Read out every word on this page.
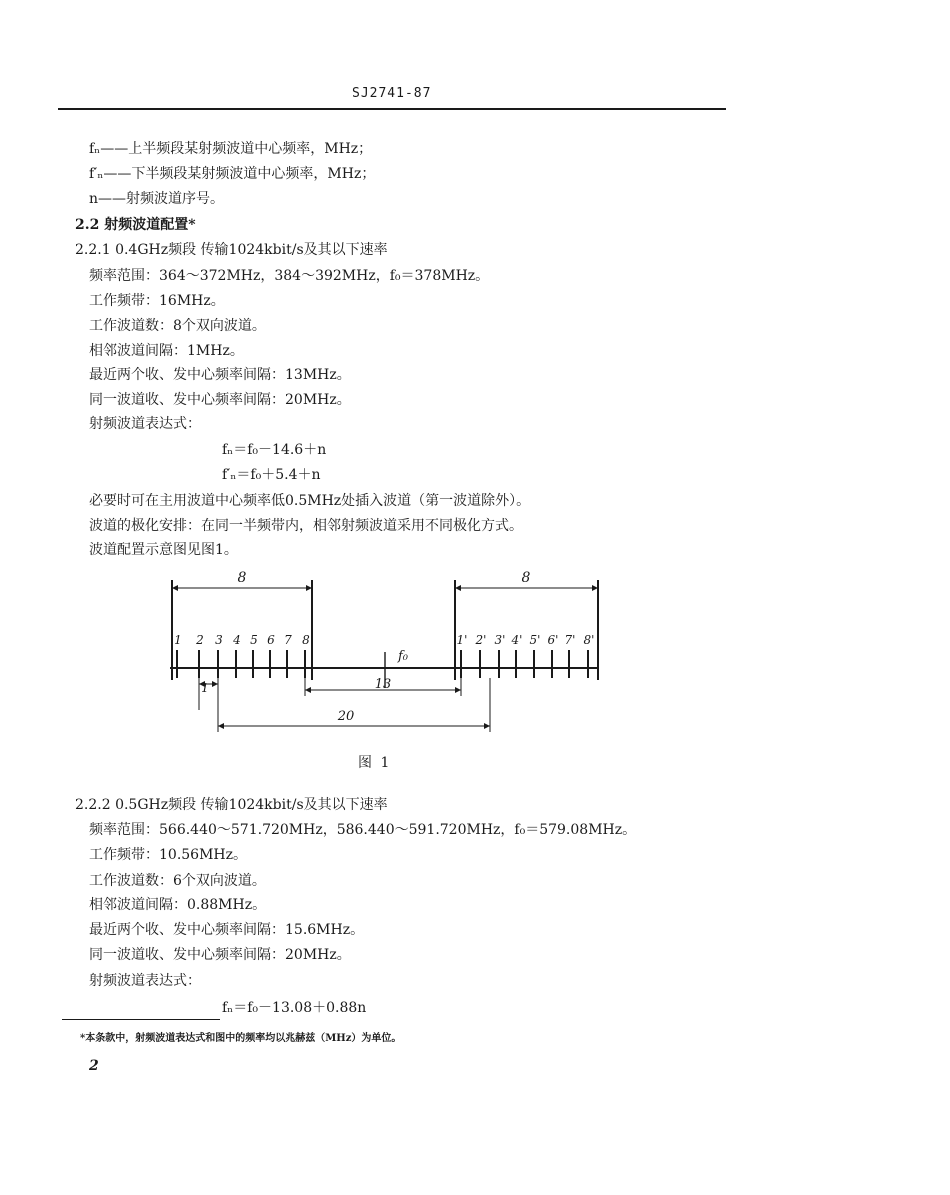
SJ2741-87
fₙ——上半频段某射频波道中心频率，MHz；
f′ₙ——下半频段某射频波道中心频率，MHz；
n——射频波道序号。
2.2 射频波道配置*
2.2.1 0.4GHz频段 传输1024kbit/s及其以下速率
频率范围：364～372MHz，384～392MHz，f₀＝378MHz。
工作频带：16MHz。
工作波道数：8个双向波道。
相邻波道间隔：1MHz。
最近两个收、发中心频率间隔：13MHz。
同一波道收、发中心频率间隔：20MHz。
射频波道表达式：
fₙ＝f₀－14.6＋n
f′ₙ＝f₀＋5.4＋n
必要时可在主用波道中心频率低0.5MHz处插入波道（第一波道除外）。
波道的极化安排：在同一半频带内，相邻射频波道采用不同极化方式。
波道配置示意图见图1。
8	8
1 2 3 4 5 6 7 8	1' 2' 3' 4' 5' 6' 7' 8'
f₀
1	13
20
图 1
2.2.2 0.5GHz频段 传输1024kbit/s及其以下速率
频率范围：566.440～571.720MHz，586.440～591.720MHz，f₀＝579.08MHz。
工作频带：10.56MHz。
工作波道数：6个双向波道。
相邻波道间隔：0.88MHz。
最近两个收、发中心频率间隔：15.6MHz。
同一波道收、发中心频率间隔：20MHz。
射频波道表达式：
fₙ＝f₀－13.08＋0.88n
*本条款中，射频波道表达式和图中的频率均以兆赫兹（MHz）为单位。
2
